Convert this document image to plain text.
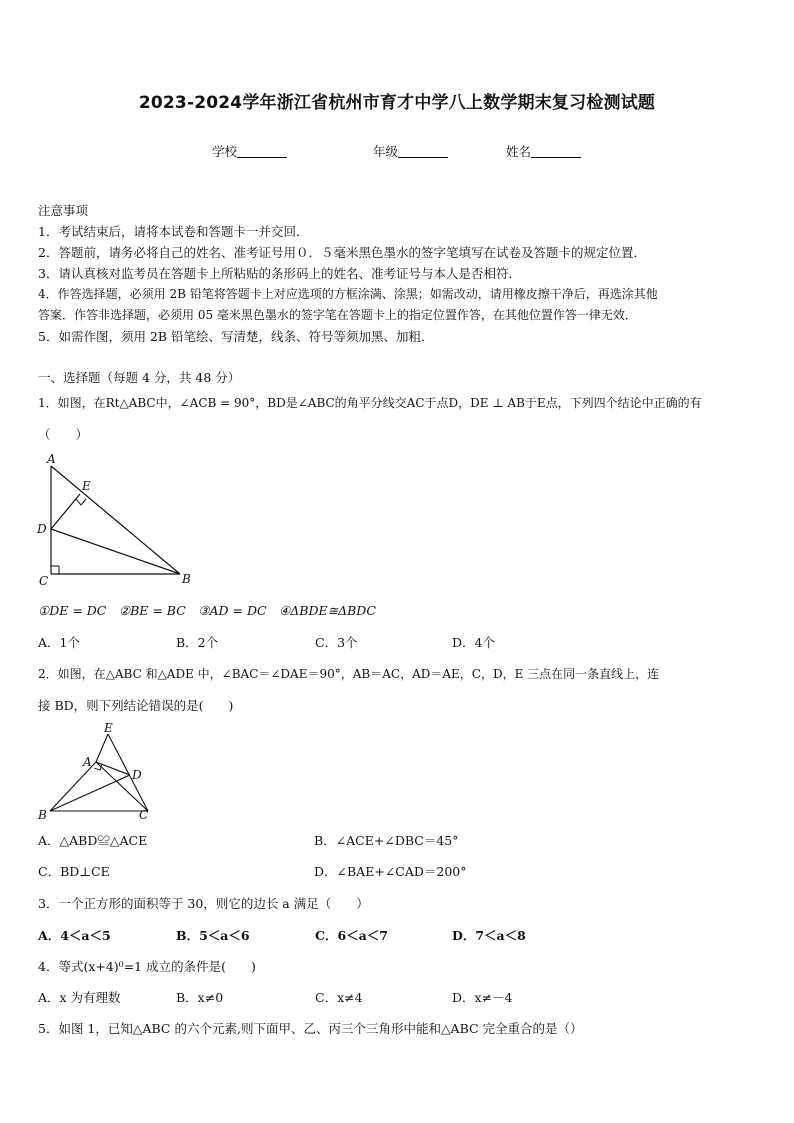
2023-2024学年浙江省杭州市育才中学八上数学期末复习检测试题
学校	年级	姓名
注意事项
1．考试结束后，请将本试卷和答题卡一并交回．
2．答题前，请务必将自己的姓名、准考证号用０．５毫米黑色墨水的签字笔填写在试卷及答题卡的规定位置．
3．请认真核对监考员在答题卡上所粘贴的条形码上的姓名、准考证号与本人是否相符．
4．作答选择题，必须用 2B 铅笔将答题卡上对应选项的方框涂满、涂黑；如需改动，请用橡皮擦干净后，再选涂其他
答案．作答非选择题，必须用 05 毫米黑色墨水的签字笔在答题卡上的指定位置作答，在其他位置作答一律无效．
5．如需作图，须用 2B 铅笔绘、写清楚，线条、符号等须加黑、加粗．
一、选择题（每题 4 分，共 48 分）
1．如图，在Rt△ABC中，∠ACB = 90°，BD是∠ABC的角平分线交AC于点D，DE ⊥ AB于E点，下列四个结论中正确的有
（　　）
A
E
D
C	B
①DE = DC　②BE = BC　③AD = DC　④ΔBDE≅ΔBDC
A．1个	B．2个	C．3个	D．4个
2．如图，在△ABC 和△ADE 中，∠BAC＝∠DAE＝90°，AB＝AC，AD＝AE，C，D，E 三点在同一条直线上，连
接 BD，则下列结论错误的是(　　)
E
A
D
B	C
A．△ABD≌△ACE	B．∠ACE+∠DBC＝45°
C．BD⊥CE	D．∠BAE+∠CAD＝200°
3．一个正方形的面积等于 30，则它的边长 a 满足（　　）
A．4＜a＜5	B．5＜a＜6	C．6＜a＜7	D．7＜a＜8
4．等式(x+4)⁰=1 成立的条件是(　　)
A．x 为有理数	B．x≠0	C．x≠4	D．x≠－4
5．如图 1，已知△ABC 的六个元素,则下面甲、乙、丙三个三角形中能和△ABC 完全重合的是（）
